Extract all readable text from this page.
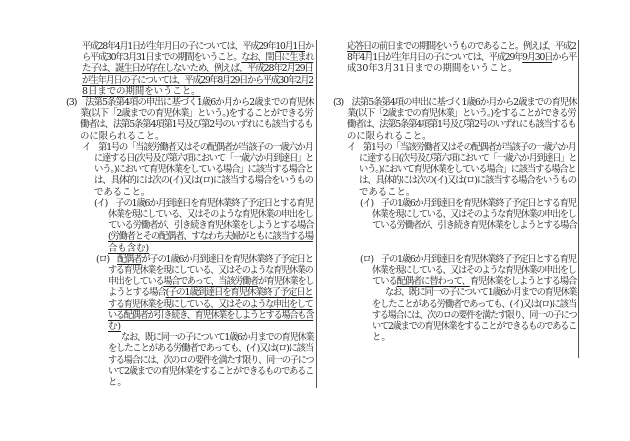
平成28年4月1日が生年月日の子については、平成29年10月1日か
ら平成30年3月31日までの期間をいうこと。なお、閏日に生まれ
た子は、誕生日が存在しないため、例えば、平成28年2月29日
が生年月日の子については、平成29年8月29日から平成30年2月2
8日までの期間をいうこと。
(3)　法第5条第4項の申出に基づく1歳6か月から2歳までの育児休
業(以下「2歳までの育児休業」という。)をすることができる労
働者は、法第5条第4項第1号及び第2号のいずれにも該当するも
のに限られること。
イ　第1号の「当該労働者又はその配偶者が当該子の一歳六か月
に達する日(次号及び第六項において「一歳六か月到達日」と
いう。)において育児休業をしている場合」に該当する場合と
は、具体的には次の(イ)又は(ロ)に該当する場合をいうもの
であること。
(イ)　子の1歳6か月到達日を育児休業終了予定日とする育児
休業を現にしている、又はそのような育児休業の申出をし
ている労働者が、引き続き育児休業をしようとする場合
(労働者とその配偶者、すなわち夫婦がともに該当する場
合も含む)
(ロ)　配偶者が子の1歳6か月到達日を育児休業終了予定日と
する育児休業を現にしている、又はそのような育児休業の
申出をしている場合であって、当該労働者が育児休業をし
ようとする場合(子の1歳到達日を育児休業終了予定日と
する育児休業を現にしている、又はそのような申出をして
いる配偶者が引き続き、育児休業をしようとする場合も含
む)
なお、既に同一の子について1歳6か月までの育児休業
をしたことがある労働者であっても、(イ)又は(ロ)に該当
する場合には、次のロの要件を満たす限り、同一の子につ
いて2歳までの育児休業をすることができるものであるこ
と。
応答日の前日までの期間をいうものであること。例えば、平成2
8年4月1日が生年月日の子については、平成29年9月30日から平
成30年3月31日までの期間をいうこと。
(3)　法第5条第4項の申出に基づく1歳6か月から2歳までの育児休
業(以下「2歳までの育児休業」という。)をすることができる労
働者は、法第5条第4項第1号及び第2号のいずれにも該当するも
のに限られること。
イ　第1号の「当該労働者又はその配偶者が当該子の一歳六か月
に達する日(次号及び第六項において「一歳六か月到達日」と
いう。)において育児休業をしている場合」に該当する場合と
は、具体的には次の(イ)又は(ロ)に該当する場合をいうもの
であること。
(イ)　子の1歳6か月到達日を育児休業終了予定日とする育児
休業を現にしている、又はそのような育児休業の申出をし
ている労働者が、引き続き育児休業をしようとする場合
(ロ)　子の1歳6か月到達日を育児休業終了予定日とする育児
休業を現にしている、又はそのような育児休業の申出をし
ている配偶者に替わって、育児休業をしようとする場合
なお、既に同一の子について1歳6か月までの育児休業
をしたことがある労働者であっても、(イ)又は(ロ)に該当
する場合には、次のロの要件を満たす限り、同一の子につ
いて2歳までの育児休業をすることができるものであるこ
と。
